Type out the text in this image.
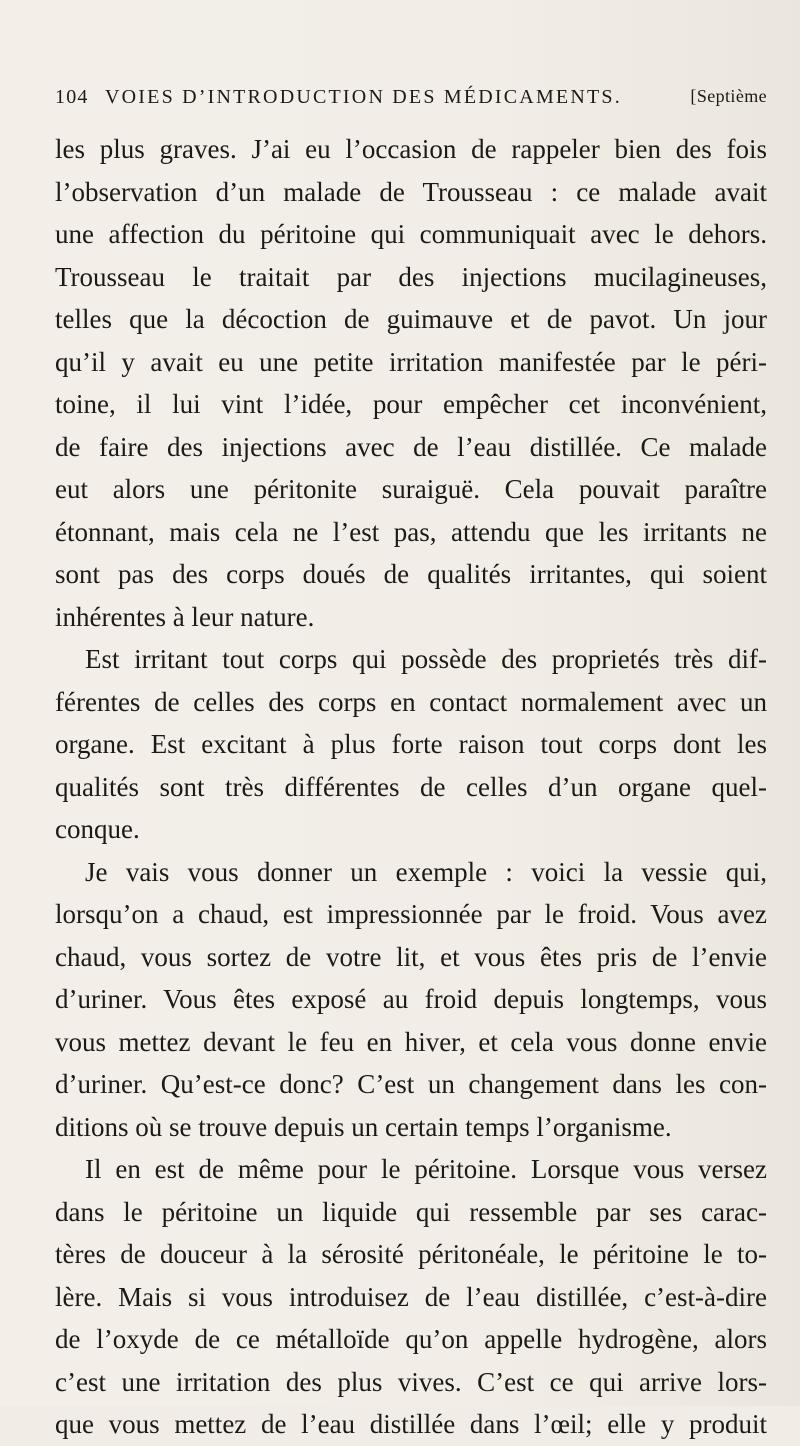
104 VOIES D’INTRODUCTION DES MÉDICAMENTS.	[Septième
les plus graves. J’ai eu l’occasion de rappeler bien des fois
l’observation d’un malade de Trousseau : ce malade avait
une affection du péritoine qui communiquait avec le dehors.
Trousseau le traitait par des injections mucilagineuses,
telles que la décoction de guimauve et de pavot. Un jour
qu’il y avait eu une petite irritation manifestée par le péri-
toine, il lui vint l’idée, pour empêcher cet inconvénient,
de faire des injections avec de l’eau distillée. Ce malade
eut alors une péritonite suraiguë. Cela pouvait paraître
étonnant, mais cela ne l’est pas, attendu que les irritants ne
sont pas des corps doués de qualités irritantes, qui soient
inhérentes à leur nature.
Est irritant tout corps qui possède des proprietés très dif-
férentes de celles des corps en contact normalement avec un
organe. Est excitant à plus forte raison tout corps dont les
qualités sont très différentes de celles d’un organe quel-
conque.
Je vais vous donner un exemple : voici la vessie qui,
lorsqu’on a chaud, est impressionnée par le froid. Vous avez
chaud, vous sortez de votre lit, et vous êtes pris de l’envie
d’uriner. Vous êtes exposé au froid depuis longtemps, vous
vous mettez devant le feu en hiver, et cela vous donne envie
d’uriner. Qu’est-ce donc? C’est un changement dans les con-
ditions où se trouve depuis un certain temps l’organisme.
Il en est de même pour le péritoine. Lorsque vous versez
dans le péritoine un liquide qui ressemble par ses carac-
tères de douceur à la sérosité péritonéale, le péritoine le to-
lère. Mais si vous introduisez de l’eau distillée, c’est-à-dire
de l’oxyde de ce métalloïde qu’on appelle hydrogène, alors
c’est une irritation des plus vives. C’est ce qui arrive lors-
que vous mettez de l’eau distillée dans l’œil; elle y produit
